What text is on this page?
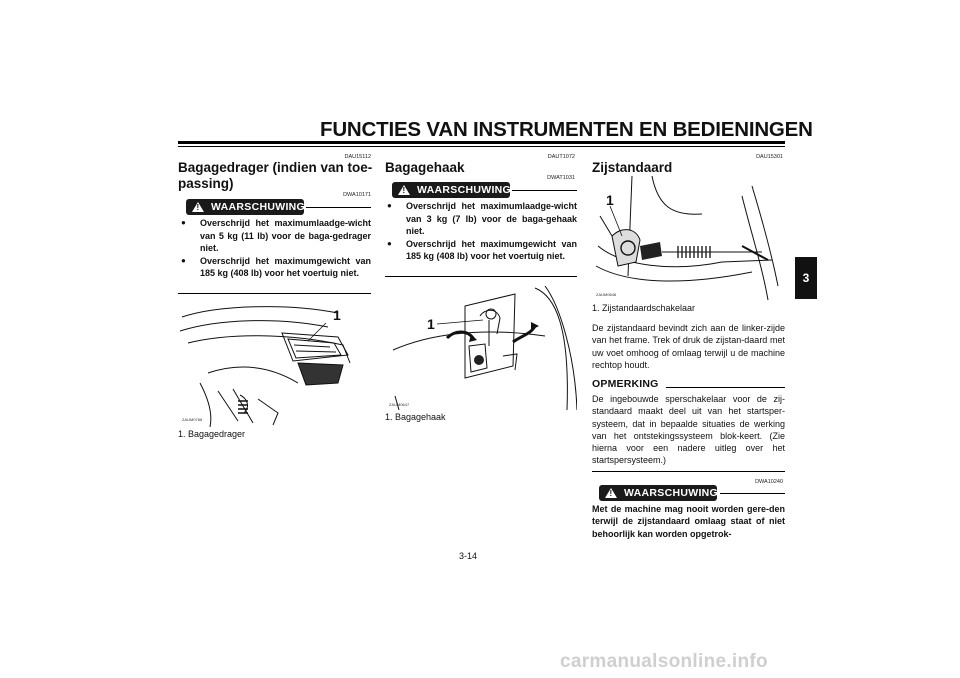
FUNCTIES VAN INSTRUMENTEN EN BEDIENINGEN
3
DAU15112
Bagagedrager (indien van toe-passing)
DWA10171
! WAARSCHUWING
● Overschrijd het maximumlaadge-wicht van 5 kg (11 lb) voor de baga-gedrager niet.
● Overschrijd het maximumgewicht van 185 kg (408 lb) voor het voertuig niet.
1
ZAUM0788
1. Bagagedrager
DAUT1072
Bagagehaak
DWAT1031
! WAARSCHUWING
● Overschrijd het maximumlaadge-wicht van 3 kg (7 lb) voor de baga-gehaak niet.
● Overschrijd het maximumgewicht van 185 kg (408 lb) voor het voertuig niet.
1
ZAUM0647
1. Bagagehaak
DAU15301
Zijstandaard
1
ZAUM0648
1. Zijstandaardschakelaar
De zijstandaard bevindt zich aan de linker-zijde van het frame. Trek of druk de zijstan-daard met uw voet omhoog of omlaag terwijl u de machine rechtop houdt.
OPMERKING
De ingebouwde sperschakelaar voor de zij-standaard maakt deel uit van het startsper-systeem, dat in bepaalde situaties de werking van het ontstekingssysteem blok-keert. (Zie hierna voor een nadere uitleg over het startspersysteem.)
DWA10240
! WAARSCHUWING
Met de machine mag nooit worden gere-den terwijl de zijstandaard omlaag staat of niet behoorlijk kan worden opgetrok-
3-14
carmanualsonline.info
